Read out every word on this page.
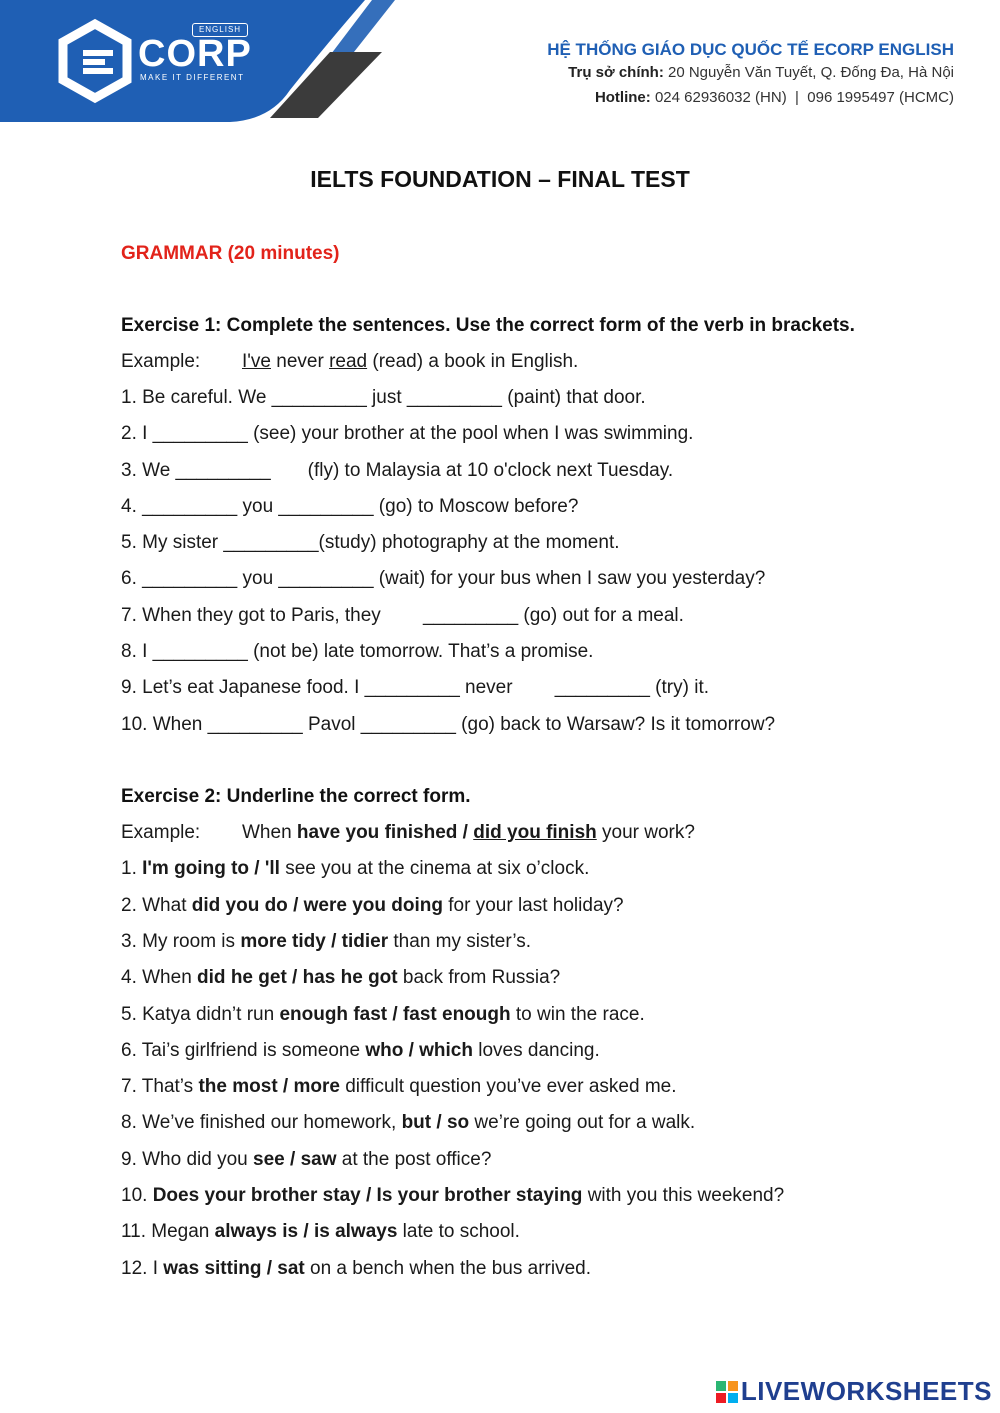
ENGLISH
CORP
MAKE IT DIFFERENT
HỆ THỐNG GIÁO DỤC QUỐC TẾ ECORP ENGLISH
Trụ sở chính: 20 Nguyễn Văn Tuyết, Q. Đống Đa, Hà Nội
Hotline: 024 62936032 (HN)  |  096 1995497 (HCMC)
IELTS FOUNDATION – FINAL TEST
GRAMMAR (20 minutes)
Exercise 1: Complete the sentences. Use the correct form of the verb in brackets.
Example: I've never read (read) a book in English.
1. Be careful. We _________ just _________ (paint) that door.
2. I _________ (see) your brother at the pool when I was swimming.
3. We _________       (fly) to Malaysia at 10 o'clock next Tuesday.
4. _________ you _________ (go) to Moscow before?
5. My sister _________(study) photography at the moment.
6. _________ you _________ (wait) for your bus when I saw you yesterday?
7. When they got to Paris, they        _________ (go) out for a meal.
8. I _________ (not be) late tomorrow. That’s a promise.
9. Let’s eat Japanese food. I _________ never        _________ (try) it.
10. When _________ Pavol _________ (go) back to Warsaw? Is it tomorrow?
Exercise 2: Underline the correct form.
Example: When have you finished / did you finish your work?
1. I'm going to / 'll see you at the cinema at six o’clock.
2. What did you do / were you doing for your last holiday?
3. My room is more tidy / tidier than my sister’s.
4. When did he get / has he got back from Russia?
5. Katya didn’t run enough fast / fast enough to win the race.
6. Tai’s girlfriend is someone who / which loves dancing.
7. That’s the most / more difficult question you’ve ever asked me.
8. We’ve finished our homework, but / so we’re going out for a walk.
9. Who did you see / saw at the post office?
10. Does your brother stay / Is your brother staying with you this weekend?
11. Megan always is / is always late to school.
12. I was sitting / sat on a bench when the bus arrived.
LIVEWORKSHEETS
